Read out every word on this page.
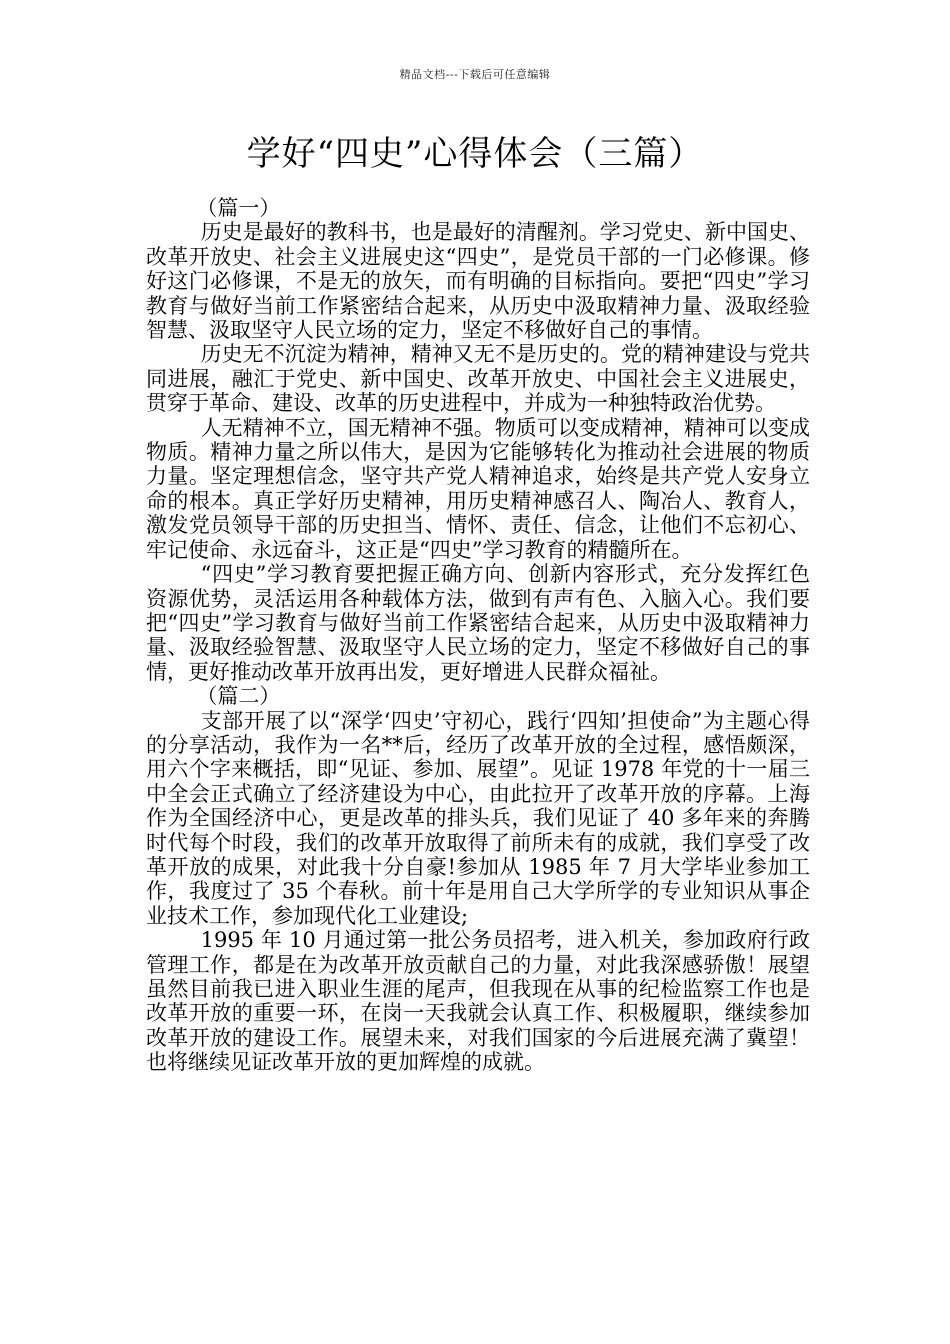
精品文档---下载后可任意编辑
学好“四史”心得体会（三篇）

（篇一）

历史是最好的教科书，也是最好的清醒剂。学习党史、新中国史、改革开放史、社会主义进展史这“四史”，是党员干部的一门必修课。修好这门必修课，不是无的放矢，而有明确的目标指向。要把“四史”学习教育与做好当前工作紧密结合起来，从历史中汲取精神力量、汲取经验智慧、汲取坚守人民立场的定力，坚定不移做好自己的事情。

历史无不沉淀为精神，精神又无不是历史的。党的精神建设与党共同进展，融汇于党史、新中国史、改革开放史、中国社会主义进展史，贯穿于革命、建设、改革的历史进程中，并成为一种独特政治优势。

人无精神不立，国无精神不强。物质可以变成精神，精神可以变成物质。精神力量之所以伟大，是因为它能够转化为推动社会进展的物质力量。坚定理想信念，坚守共产党人精神追求，始终是共产党人安身立命的根本。真正学好历史精神，用历史精神感召人、陶冶人、教育人，激发党员领导干部的历史担当、情怀、责任、信念，让他们不忘初心、牢记使命、永远奋斗，这正是“四史”学习教育的精髓所在。

“四史”学习教育要把握正确方向、创新内容形式，充分发挥红色资源优势，灵活运用各种载体方法，做到有声有色、入脑入心。我们要把“四史”学习教育与做好当前工作紧密结合起来，从历史中汲取精神力量、汲取经验智慧、汲取坚守人民立场的定力，坚定不移做好自己的事情，更好推动改革开放再出发，更好增进人民群众福祉。

（篇二）

支部开展了以“深学‘四史’守初心，践行‘四知’担使命”为主题心得的分享活动，我作为一名**后，经历了改革开放的全过程，感悟颇深，用六个字来概括，即“见证、参加、展望”。见证 1978 年党的十一届三中全会正式确立了经济建设为中心，由此拉开了改革开放的序幕。上海作为全国经济中心，更是改革的排头兵，我们见证了 40 多年来的奔腾时代每个时段，我们的改革开放取得了前所未有的成就，我们享受了改革开放的成果，对此我十分自豪!参加从 1985 年 7 月大学毕业参加工作，我度过了 35 个春秋。前十年是用自己大学所学的专业知识从事企业技术工作，参加现代化工业建设;

1995 年 10 月通过第一批公务员招考，进入机关，参加政府行政管理工作，都是在为改革开放贡献自己的力量，对此我深感骄傲！展望虽然目前我已进入职业生涯的尾声，但我现在从事的纪检监察工作也是改革开放的重要一环，在岗一天我就会认真工作、积极履职，继续参加改革开放的建设工作。展望未来，对我们国家的今后进展充满了冀望！也将继续见证改革开放的更加辉煌的成就。
